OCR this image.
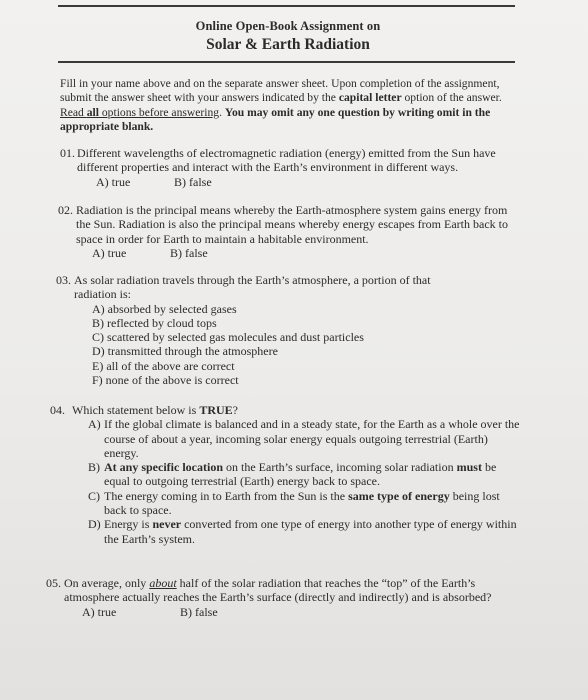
Online Open-Book Assignment on
Solar & Earth Radiation
Fill in your name above and on the separate answer sheet. Upon completion of the assignment, submit the answer sheet with your answers indicated by the capital letter option of the answer. Read all options before answering. You may omit any one question by writing omit in the appropriate blank.
01. Different wavelengths of electromagnetic radiation (energy) emitted from the Sun have different properties and interact with the Earth’s environment in different ways.
A) true	B) false
02. Radiation is the principal means whereby the Earth-atmosphere system gains energy from the Sun. Radiation is also the principal means whereby energy escapes from Earth back to space in order for Earth to maintain a habitable environment.
A) true	B) false
03. As solar radiation travels through the Earth’s atmosphere, a portion of that radiation is:
A) absorbed by selected gases
B) reflected by cloud tops
C) scattered by selected gas molecules and dust particles
D) transmitted through the atmosphere
E) all of the above are correct
F) none of the above is correct
04. Which statement below is TRUE?
A) If the global climate is balanced and in a steady state, for the Earth as a whole over the course of about a year, incoming solar energy equals outgoing terrestrial (Earth) energy.
B) At any specific location on the Earth’s surface, incoming solar radiation must be equal to outgoing terrestrial (Earth) energy back to space.
C) The energy coming in to Earth from the Sun is the same type of energy being lost back to space.
D) Energy is never converted from one type of energy into another type of energy within the Earth’s system.
05. On average, only about half of the solar radiation that reaches the “top” of the Earth’s atmosphere actually reaches the Earth’s surface (directly and indirectly) and is absorbed?
A) true	B) false
